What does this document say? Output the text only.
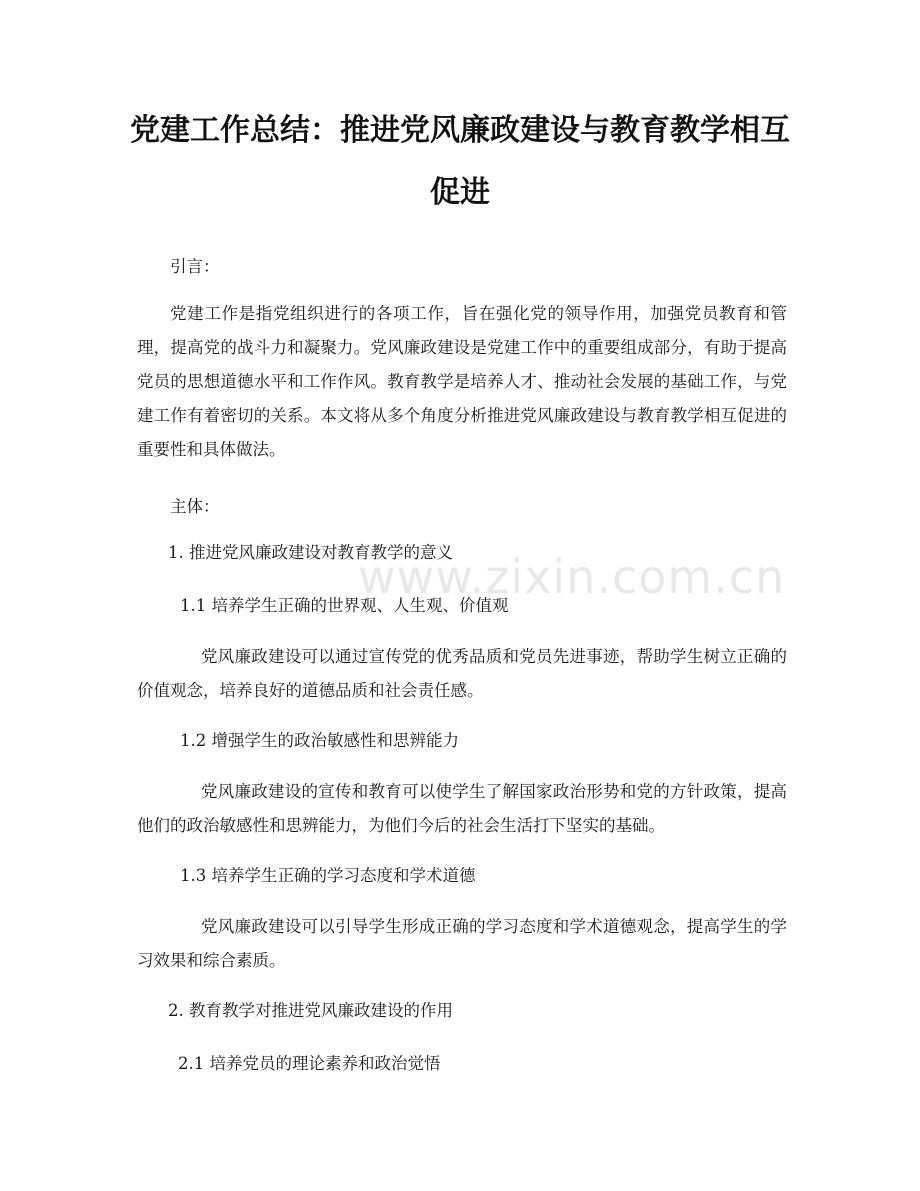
党建工作总结：推进党风廉政建设与教育教学相互促进
引言：
党建工作是指党组织进行的各项工作，旨在强化党的领导作用，加强党员教育和管理，提高党的战斗力和凝聚力。党风廉政建设是党建工作中的重要组成部分，有助于提高党员的思想道德水平和工作作风。教育教学是培养人才、推动社会发展的基础工作，与党建工作有着密切的关系。本文将从多个角度分析推进党风廉政建设与教育教学相互促进的重要性和具体做法。
主体：
1. 推进党风廉政建设对教育教学的意义
1.1 培养学生正确的世界观、人生观、价值观
党风廉政建设可以通过宣传党的优秀品质和党员先进事迹，帮助学生树立正确的价值观念，培养良好的道德品质和社会责任感。
1.2 增强学生的政治敏感性和思辨能力
党风廉政建设的宣传和教育可以使学生了解国家政治形势和党的方针政策，提高他们的政治敏感性和思辨能力，为他们今后的社会生活打下坚实的基础。
1.3 培养学生正确的学习态度和学术道德
党风廉政建设可以引导学生形成正确的学习态度和学术道德观念，提高学生的学习效果和综合素质。
2. 教育教学对推进党风廉政建设的作用
2.1 培养党员的理论素养和政治觉悟
www.zixin.com.cn
